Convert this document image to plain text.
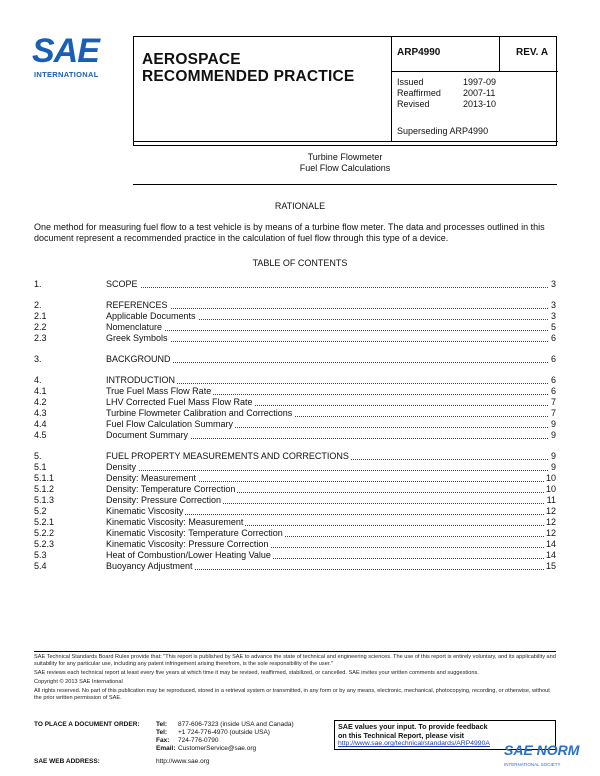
SAE
INTERNATIONAL
AEROSPACE
RECOMMENDED PRACTICE
ARP4990	REV. A
Issued	1997-09
Reaffirmed 2007-11
Revised	2013-10
Superseding ARP4990
Turbine Flowmeter
Fuel Flow Calculations
RATIONALE
One method for measuring fuel flow to a test vehicle is by means of a turbine flow meter. The data and processes outlined in this document represent a recommended practice in the calculation of fuel flow through this type of a device.
TABLE OF CONTENTS
1.	SCOPE	3
2.	REFERENCES	3
2.1	Applicable Documents	3
2.2	Nomenclature	5
2.3	Greek Symbols	6
3.	BACKGROUND	6
4.	INTRODUCTION	6
4.1	True Fuel Mass Flow Rate	6
4.2	LHV Corrected Fuel Mass Flow Rate	7
4.3	Turbine Flowmeter Calibration and Corrections	7
4.4	Fuel Flow Calculation Summary	9
4.5	Document Summary	9
5.	FUEL PROPERTY MEASUREMENTS AND CORRECTIONS	9
5.1	Density	9
5.1.1	Density: Measurement	10
5.1.2	Density: Temperature Correction	10
5.1.3	Density: Pressure Correction	11
5.2	Kinematic Viscosity	12
5.2.1	Kinematic Viscosity: Measurement	12
5.2.2	Kinematic Viscosity: Temperature Correction	12
5.2.3	Kinematic Viscosity: Pressure Correction	14
5.3	Heat of Combustion/Lower Heating Value	14
5.4	Buoyancy Adjustment	15
SAE Technical Standards Board Rules provide that: "This report is published by SAE to advance the state of technical and engineering sciences. The use of this report is entirely voluntary, and its applicability and suitability for any particular use, including any patent infringement arising therefrom, is the sole responsibility of the user."
SAE reviews each technical report at least every five years at which time it may be revised, reaffirmed, stabilized, or cancelled. SAE invites your written comments and suggestions.
Copyright © 2013 SAE International
All rights reserved. No part of this publication may be reproduced, stored in a retrieval system or transmitted, in any form or by any means, electronic, mechanical, photocopying, recording, or otherwise, without the prior written permission of SAE.
TO PLACE A DOCUMENT ORDER:	Tel: 877-606-7323 (inside USA and Canada)
Tel: +1 724-776-4970 (outside USA)
Fax: 724-776-0790
Email: CustomerService@sae.org
SAE WEB ADDRESS:	http://www.sae.org
SAE values your input. To provide feedback
on this Technical Report, please visit
http://www.sae.org/technical/standards/ARP4990A	SAE NORM
INTERNATIONAL SOCIETY
